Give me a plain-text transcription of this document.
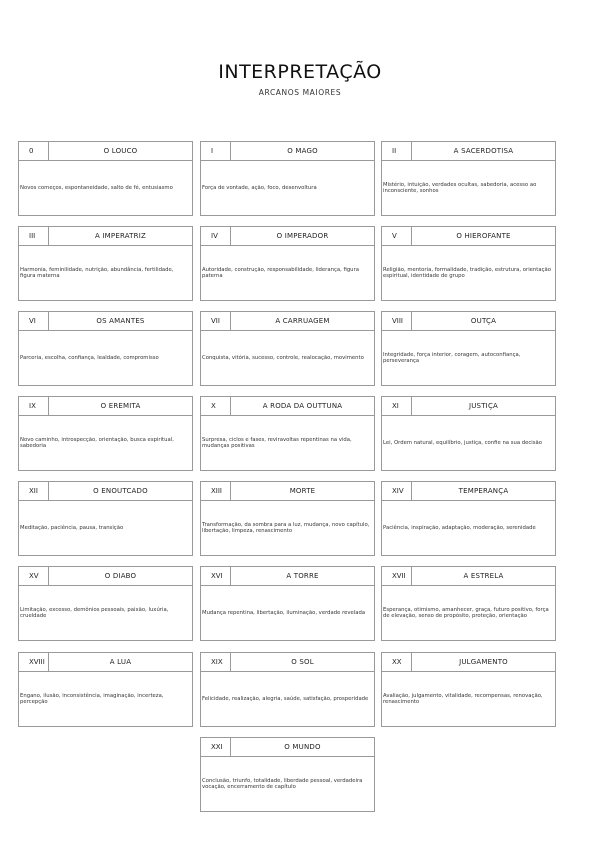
INTERPRETAÇÃO
ARCANOS MAIORES
0	O LOUCO
Novos começos, espontaneidade, salto de fé, entusiasmo
I	O MAGO
Força de vontade, ação, foco, desenvoltura
II	A SACERDOTISA
Mistério, intuição, verdades ocultas, sabedoria, acesso ao inconsciente, sonhos
III	A IMPERATRIZ
Harmonia, feminilidade, nutrição, abundância, fertilidade, figura materna
IV	O IMPERADOR
Autoridade, construção, responsabilidade, liderança, figura paterna
V	O HIEROFANTE
Religião, mentoria, formalidade, tradição, estrutura, orientação espiritual, identidade de grupo
VI	OS AMANTES
Parceria, escolha, confiança, lealdade, compromisso
VII	A CARRUAGEM
Conquista, vitória, sucesso, controle, realocação, movimento
VIII	OUTÇA
Integridade, força interior, coragem, autoconfiança, perseverança
IX	O EREMITA
Novo caminho, introspecção, orientação, busca espiritual, sabedoria
X	A RODA DA OUTTUNA
Surpresa, ciclos e fases, reviravoltas repentinas na vida, mudanças positivas
XI	JUSTIÇA
Lei, Ordem natural, equilíbrio, justiça, confie na sua decisão
XII	O ENOUTCADO
Meditação, paciência, pausa, transição
XIII	MORTE
Transformação, da sombra para a luz, mudança, novo capítulo, libertação, limpeza, renascimento
XIV	TEMPERANÇA
Paciência, inspiração, adaptação, moderação, serenidade
XV	O DIABO
Limitação, excesso, demônios pessoais, paixão, luxúria, crueldade
XVI	A TORRE
Mudança repentina, libertação, iluminação, verdade revelada
XVII	A ESTRELA
Esperança, otimismo, amanhecer, graça, futuro positivo, força de elevação, senso de propósito, proteção, orientação
XVIII	A LUA
Engano, ilusão, inconsistência, imaginação, incerteza, percepção
XIX	O SOL
Felicidade, realização, alegria, saúde, satisfação, prosperidade
XX	JULGAMENTO
Avaliação, julgamento, vitalidade, recompensas, renovação, renascimento
XXI	O MUNDO
Conclusão, triunfo, totalidade, liberdade pessoal, verdadeira vocação, encerramento de capítulo
